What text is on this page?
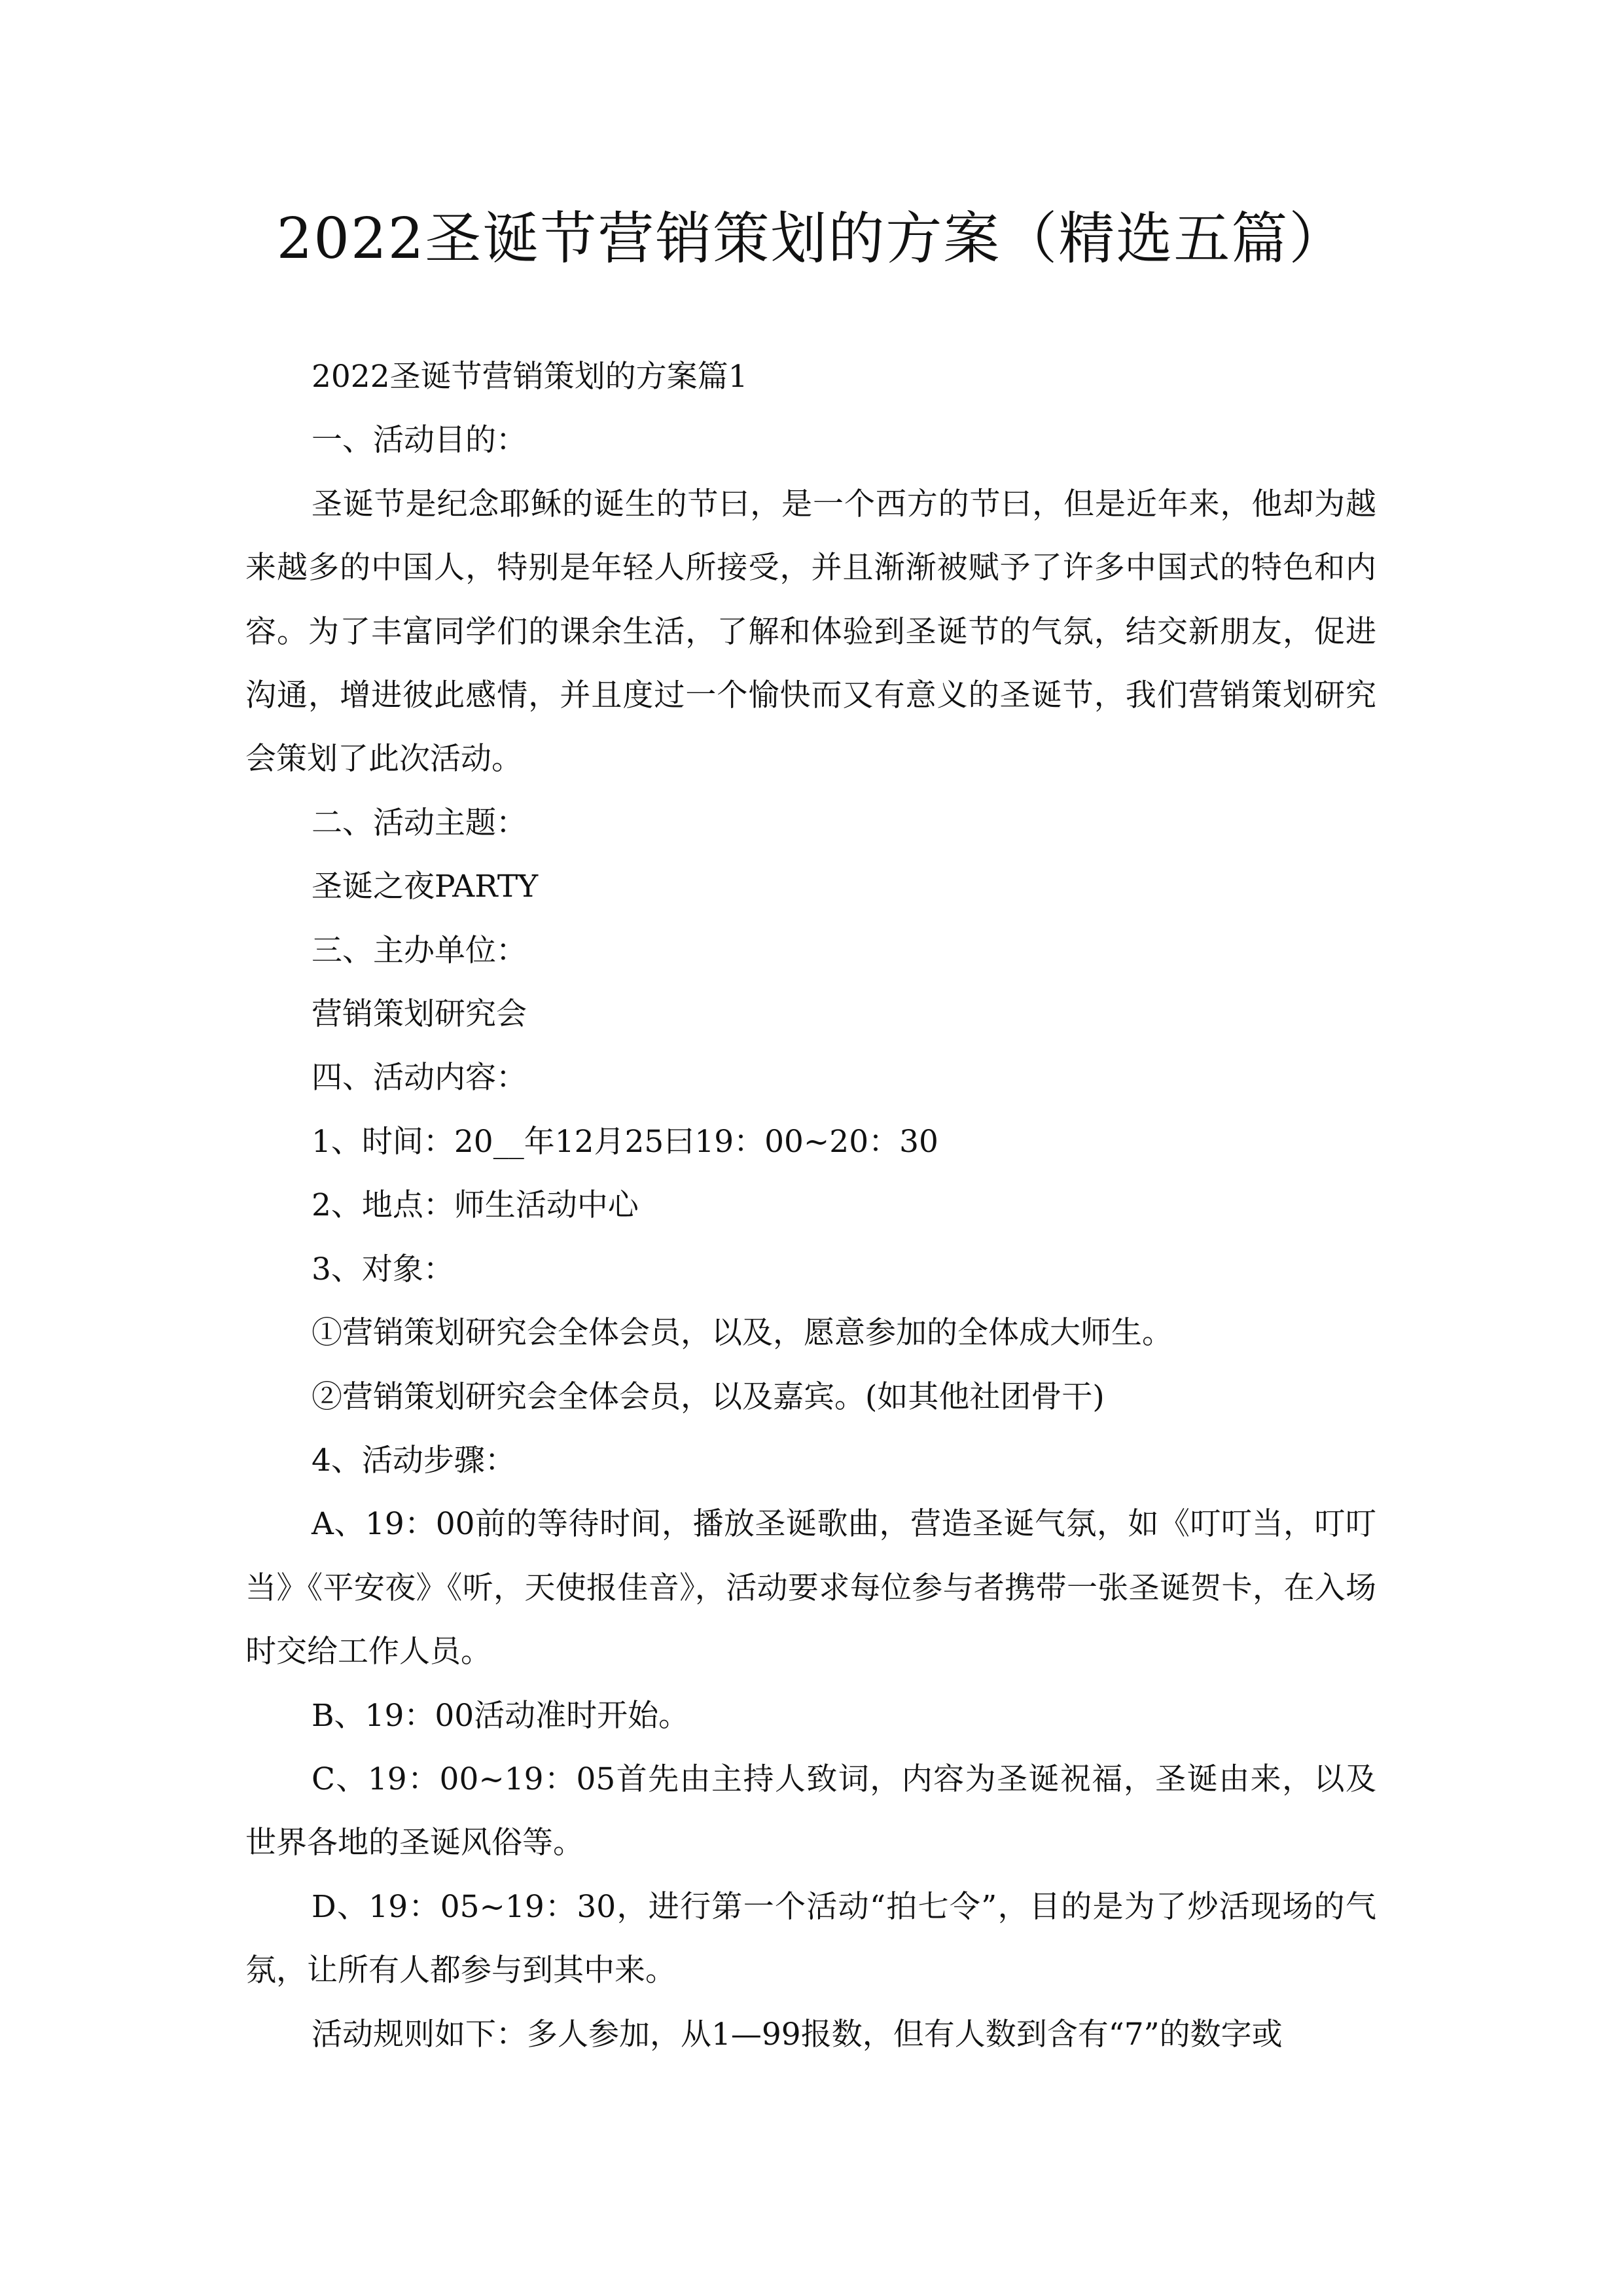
2022圣诞节营销策划的方案（精选五篇）

2022圣诞节营销策划的方案篇1

一、活动目的：

圣诞节是纪念耶稣的诞生的节曰，是一个西方的节曰，但是近年来，他却为越来越多的中国人，特别是年轻人所接受，并且渐渐被赋予了许多中国式的特色和内容。为了丰富同学们的课余生活，了解和体验到圣诞节的气氛，结交新朋友，促进沟通，增进彼此感情，并且度过一个愉快而又有意义的圣诞节，我们营销策划研究会策划了此次活动。

二、活动主题：

圣诞之夜PARTY

三、主办单位：

营销策划研究会

四、活动内容：

1、时间：20__年12月25曰19：00~20：30

2、地点：师生活动中心

3、对象：

①营销策划研究会全体会员，以及，愿意参加的全体成大师生。

②营销策划研究会全体会员，以及嘉宾。(如其他社团骨干)

4、活动步骤：

A、19：00前的等待时间，播放圣诞歌曲，营造圣诞气氛，如《叮叮当，叮叮当》《平安夜》《听，天使报佳音》，活动要求每位参与者携带一张圣诞贺卡，在入场时交给工作人员。

B、19：00活动准时开始。

C、19：00~19：05首先由主持人致词，内容为圣诞祝福，圣诞由来，以及世界各地的圣诞风俗等。

D、19：05~19：30，进行第一个活动“拍七令”，目的是为了炒活现场的气氛，让所有人都参与到其中来。

活动规则如下：多人参加，从1—99报数，但有人数到含有“7”的数字或
